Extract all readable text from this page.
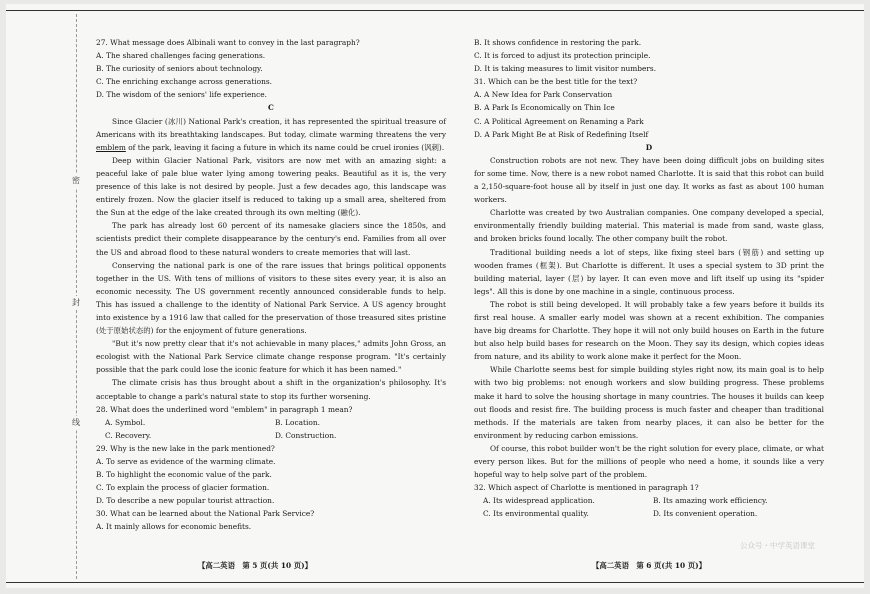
密
封
线

27. What message does Albinali want to convey in the last paragraph?

A. The shared challenges facing generations.

B. The curiosity of seniors about technology.

C. The enriching exchange across generations.

D. The wisdom of the seniors' life experience.

C

Since Glacier (冰川) National Park's creation, it has represented the spiritual treasure of Americans with its breathtaking landscapes. But today, climate warming threatens the very emblem of the park, leaving it facing a future in which its name could be cruel ironies (讽刺).

Deep within Glacier National Park, visitors are now met with an amazing sight: a peaceful lake of pale blue water lying among towering peaks. Beautiful as it is, the very presence of this lake is not desired by people. Just a few decades ago, this landscape was entirely frozen. Now the glacier itself is reduced to taking up a small area, sheltered from the Sun at the edge of the lake created through its own melting (融化).

The park has already lost 60 percent of its namesake glaciers since the 1850s, and scientists predict their complete disappearance by the century's end. Families from all over the US and abroad flood to these natural wonders to create memories that will last.

Conserving the national park is one of the rare issues that brings political opponents together in the US. With tens of millions of visitors to these sites every year, it is also an economic necessity. The US government recently announced considerable funds to help. This has issued a challenge to the identity of National Park Service. A US agency brought into existence by a 1916 law that called for the preservation of those treasured sites pristine (处于原始状态的) for the enjoyment of future generations.

"But it's now pretty clear that it's not achievable in many places," admits John Gross, an ecologist with the National Park Service climate change response program. "It's certainly possible that the park could lose the iconic feature for which it has been named."

The climate crisis has thus brought about a shift in the organization's philosophy. It's acceptable to change a park's natural state to stop its further worsening.

28. What does the underlined word "emblem" in paragraph 1 mean?

A. Symbol.	B. Location.
C. Recovery.	D. Construction.

29. Why is the new lake in the park mentioned?

A. To serve as evidence of the warming climate.

B. To highlight the economic value of the park.

C. To explain the process of glacier formation.

D. To describe a new popular tourist attraction.

30. What can be learned about the National Park Service?

A. It mainly allows for economic benefits.

【高二英语　第 5 页(共 10 页)】

B. It shows confidence in restoring the park.

C. It is forced to adjust its protection principle.

D. It is taking measures to limit visitor numbers.

31. Which can be the best title for the text?

A. A New Idea for Park Conservation

B. A Park Is Economically on Thin Ice

C. A Political Agreement on Renaming a Park

D. A Park Might Be at Risk of Redefining Itself

D

Construction robots are not new. They have been doing difficult jobs on building sites for some time. Now, there is a new robot named Charlotte. It is said that this robot can build a 2,150-square-foot house all by itself in just one day. It works as fast as about 100 human workers.

Charlotte was created by two Australian companies. One company developed a special, environmentally friendly building material. This material is made from sand, waste glass, and broken bricks found locally. The other company built the robot.

Traditional building needs a lot of steps, like fixing steel bars (钢筋) and setting up wooden frames (框架). But Charlotte is different. It uses a special system to 3D print the building material, layer (层) by layer. It can even move and lift itself up using its "spider legs". All this is done by one machine in a single, continuous process.

The robot is still being developed. It will probably take a few years before it builds its first real house. A smaller early model was shown at a recent exhibition. The companies have big dreams for Charlotte. They hope it will not only build houses on Earth in the future but also help build bases for research on the Moon. They say its design, which copies ideas from nature, and its ability to work alone make it perfect for the Moon.

While Charlotte seems best for simple building styles right now, its main goal is to help with two big problems: not enough workers and slow building progress. These problems make it hard to solve the housing shortage in many countries. The houses it builds can keep out floods and resist fire. The building process is much faster and cheaper than traditional methods. If the materials are taken from nearby places, it can also be better for the environment by reducing carbon emissions.

Of course, this robot builder won't be the right solution for every place, climate, or what every person likes. But for the millions of people who need a home, it sounds like a very hopeful way to help solve part of the problem.

32. Which aspect of Charlotte is mentioned in paragraph 1?

A. Its widespread application.	B. Its amazing work efficiency.
C. Its environmental quality.	D. Its convenient operation.
【高二英语　第 6 页(共 10 页)】
公众号・中学英语课堂
